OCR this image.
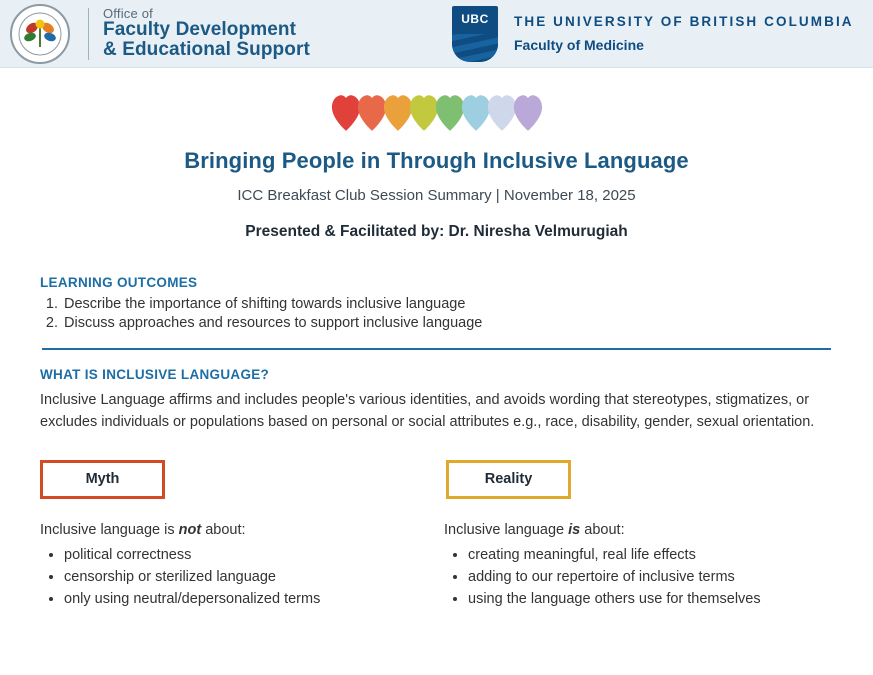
Office of
Faculty Development
& Educational Support
UBC THE UNIVERSITY OF BRITISH COLUMBIA
Faculty of Medicine
Bringing People in Through Inclusive Language
ICC Breakfast Club Session Summary | November 18, 2025
Presented & Facilitated by: Dr. Niresha Velmurugiah
LEARNING OUTCOMES
1. Describe the importance of shifting towards inclusive language
2. Discuss approaches and resources to support inclusive language
WHAT IS INCLUSIVE LANGUAGE?
Inclusive Language affirms and includes people's various identities, and avoids wording that stereotypes, stigmatizes, or excludes individuals or populations based on personal or social attributes e.g., race, disability, gender, sexual orientation.
Myth
Inclusive language is not about:
• political correctness
• censorship or sterilized language
• only using neutral/depersonalized terms
Reality
Inclusive language is about:
• creating meaningful, real life effects
• adding to our repertoire of inclusive terms
• using the language others use for themselves
